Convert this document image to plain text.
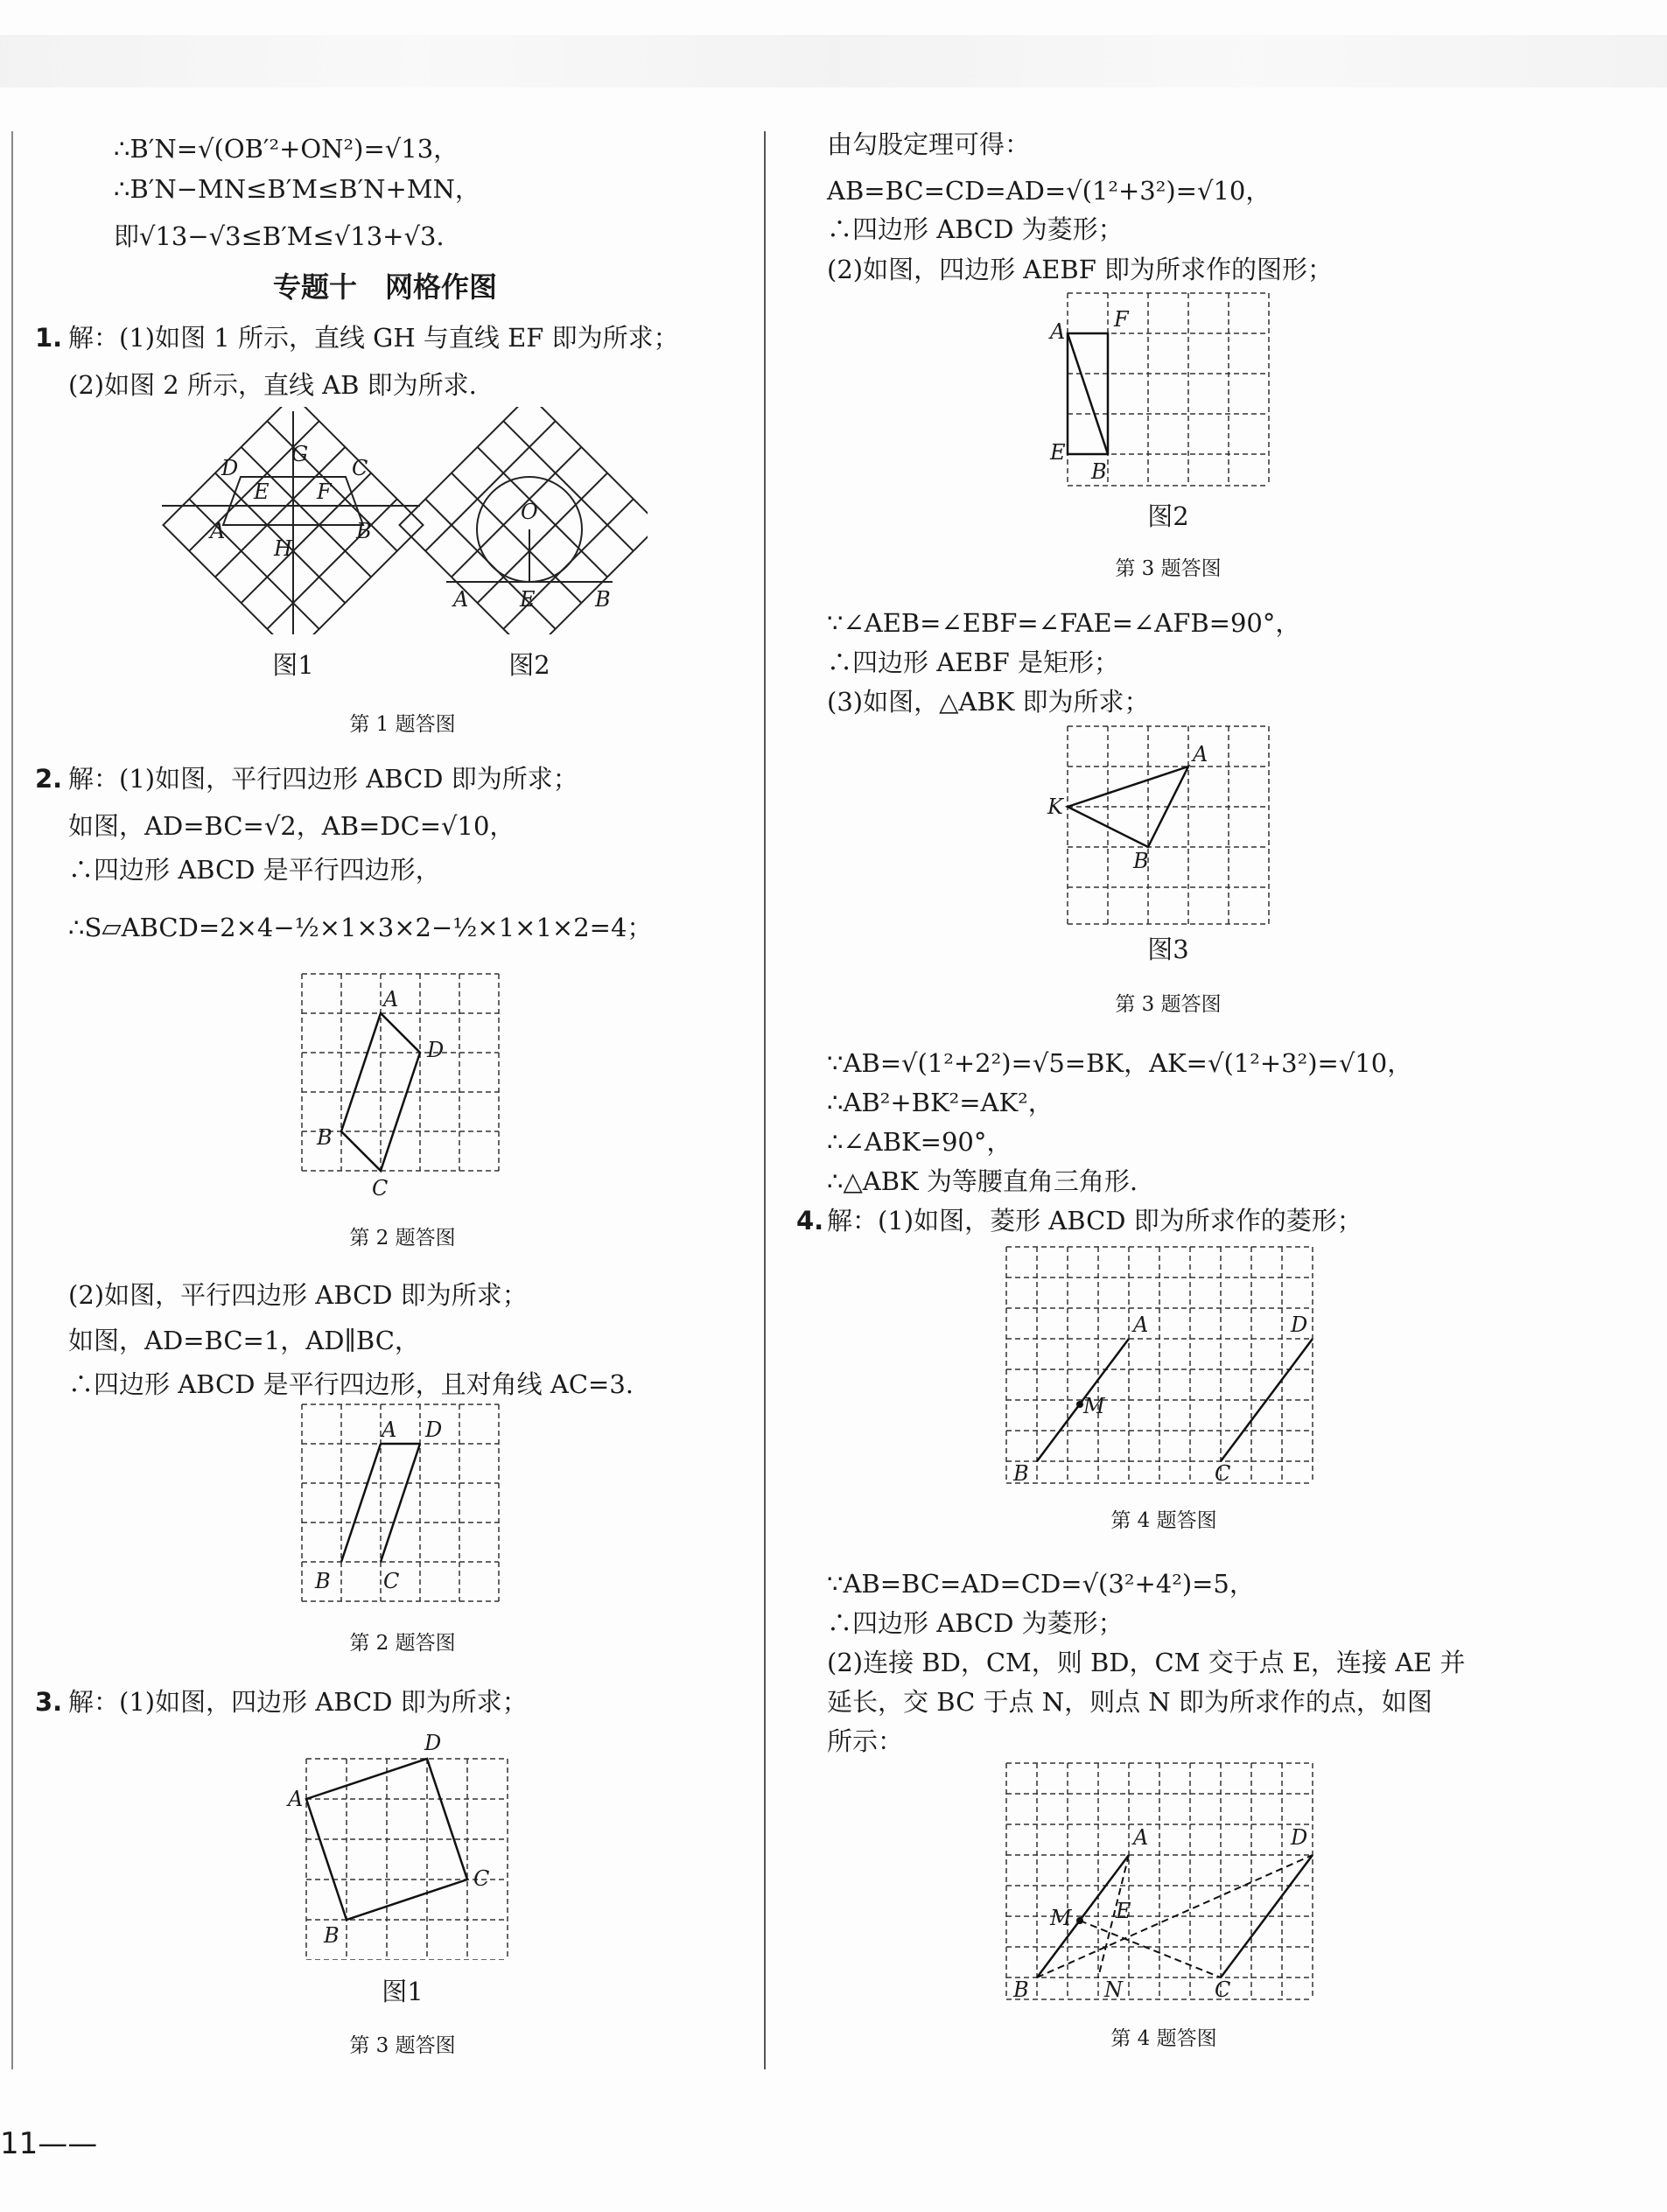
∴B′N=√(OB′²+ON²)=√13，
∴B′N−MN≤B′M≤B′N+MN，
即√13−√3≤B′M≤√13+√3.
专题十　网格作图
1. 解：(1)如图 1 所示，直线 GH 与直线 EF 即为所求；
(2)如图 2 所示，直线 AB 即为所求.
D
G
C
E F
A	B
H
O
A E	B
图1	图2
第 1 题答图
2. 解：(1)如图，平行四边形 ABCD 即为所求；
如图，AD=BC=√2，AB=DC=√10，
∴四边形 ABCD 是平行四边形，
∴S▱ABCD=2×4−½×1×3×2−½×1×1×2=4；
A
D
B
C
第 2 题答图
(2)如图，平行四边形 ABCD 即为所求；
如图，AD=BC=1，AD∥BC，
∴四边形 ABCD 是平行四边形，且对角线 AC=3.
A D
B	C
第 2 题答图
3. 解：(1)如图，四边形 ABCD 即为所求；
D
A
C
B
图1
第 3 题答图
由勾股定理可得：
AB=BC=CD=AD=√(1²+3²)=√10，
∴四边形 ABCD 为菱形；
(2)如图，四边形 AEBF 即为所求作的图形；
A F
E
B
图2
第 3 题答图
∵∠AEB=∠EBF=∠FAE=∠AFB=90°，
∴四边形 AEBF 是矩形；
(3)如图，△ABK 即为所求；
A
K
B
图3
第 3 题答图
∵AB=√(1²+2²)=√5=BK，AK=√(1²+3²)=√10，
∴AB²+BK²=AK²，
∴∠ABK=90°，
∴△ABK 为等腰直角三角形.
4. 解：(1)如图，菱形 ABCD 即为所求作的菱形；
A	D
M
B	C
第 4 题答图
∵AB=BC=AD=CD=√(3²+4²)=5，
∴四边形 ABCD 为菱形；
(2)连接 BD，CM，则 BD，CM 交于点 E，连接 AE 并
延长，交 BC 于点 N，则点 N 即为所求作的点，如图
所示：
A	D
M E
B	N	C
第 4 题答图
11——
